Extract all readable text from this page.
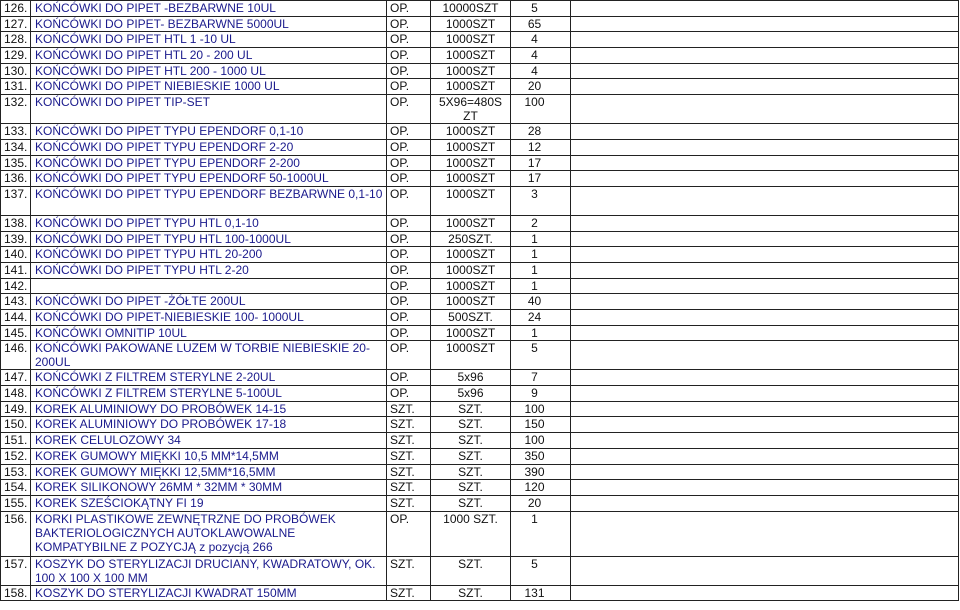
126.	KOŃCÓWKI DO PIPET -BEZBARWNE 10UL	OP.	10000SZT	5	
127.	KOŃCÓWKI DO PIPET- BEZBARWNE 5000UL	OP.	1000SZT	65	
128.	KOŃCÓWKI DO PIPET HTL 1 -10 UL	OP.	1000SZT	4	
129.	KOŃCÓWKI DO PIPET HTL 20 - 200 UL	OP.	1000SZT	4	
130.	KOŃCÓWKI DO PIPET HTL 200 - 1000 UL	OP.	1000SZT	4	
131.	KOŃCÓWKI DO PIPET NIEBIESKIE 1000 UL	OP.	1000SZT	20	
132.	KOŃCÓWKI DO PIPET TIP-SET	OP.	5X96=480S ZT	100	
133.	KOŃCÓWKI DO PIPET TYPU EPENDORF 0,1-10	OP.	1000SZT	28	
134.	KOŃCÓWKI DO PIPET TYPU EPENDORF 2-20	OP.	1000SZT	12	
135.	KOŃCÓWKI DO PIPET TYPU EPENDORF 2-200	OP.	1000SZT	17	
136.	KOŃCÓWKI DO PIPET TYPU EPENDORF 50-1000UL	OP.	1000SZT	17	
137.	KOŃCÓWKI DO PIPET TYPU EPENDORF BEZBARWNE 0,1-10	OP.	1000SZT	3	
138.	KOŃCÓWKI DO PIPET TYPU HTL 0,1-10	OP.	1000SZT	2	
139.	KOŃCÓWKI DO PIPET TYPU HTL 100-1000UL	OP.	250SZT.	1	
140.	KOŃCÓWKI DO PIPET TYPU HTL 20-200	OP.	1000SZT	1	
141.	KOŃCÓWKI DO PIPET TYPU HTL 2-20	OP.	1000SZT	1	
142.		OP.	1000SZT	1	
143.	KOŃCÓWKI DO PIPET -ŻÓŁTE 200UL	OP.	1000SZT	40	
144.	KOŃCÓWKI DO PIPET-NIEBIESKIE 100- 1000UL	OP.	500SZT.	24	
145.	KOŃCÓWKI OMNITIP 10UL	OP.	1000SZT	1	
146.	KOŃCÓWKI PAKOWANE LUZEM W TORBIE NIEBIESKIE 20-200UL	OP.	1000SZT	5	
147.	KOŃCÓWKI Z FILTREM STERYLNE 2-20UL	OP.	5x96	7	
148.	KOŃCÓWKI Z FILTREM STERYLNE 5-100UL	OP.	5x96	9	
149.	KOREK ALUMINIOWY DO PROBÓWEK 14-15	SZT.	SZT.	100	
150.	KOREK ALUMINIOWY DO PROBÓWEK 17-18	SZT.	SZT.	150	
151.	KOREK CELULOZOWY 34	SZT.	SZT.	100	
152.	KOREK GUMOWY MIĘKKI 10,5 MM*14,5MM	SZT.	SZT.	350	
153.	KOREK GUMOWY MIĘKKI 12,5MM*16,5MM	SZT.	SZT.	390	
154.	KOREK SILIKONOWY 26MM * 32MM * 30MM	SZT.	SZT.	120	
155.	KOREK SZEŚCIOKĄTNY FI 19	SZT.	SZT.	20	
156.	KORKI PLASTIKOWE ZEWNĘTRZNE DO PROBÓWEK BAKTERIOLOGICZNYCH AUTOKLAWOWALNE KOMPATYBILNE Z POZYCJĄ z pozycją 266	OP.	1000 SZT.	1	
157.	KOSZYK DO STERYLIZACJI DRUCIANY, KWADRATOWY, OK. 100 X 100 X 100 MM	SZT.	SZT.	5	
158.	KOSZYK DO STERYLIZACJI KWADRAT 150MM	SZT.	SZT.	131	
